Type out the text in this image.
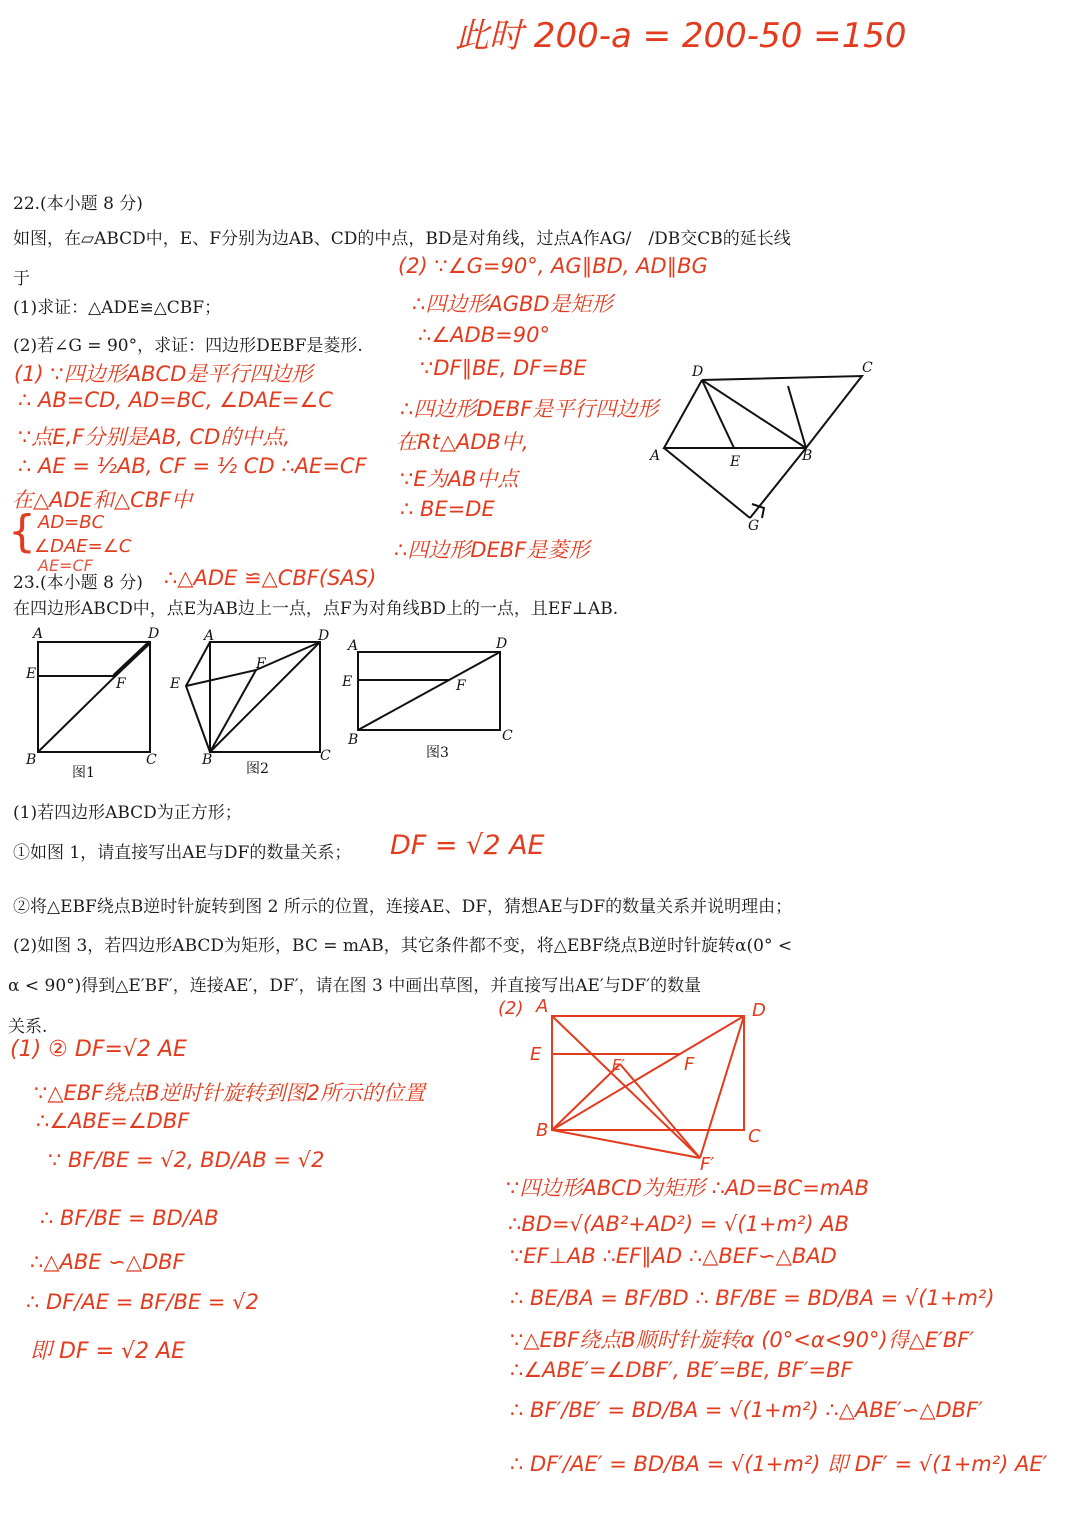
此时 200-a = 200-50 =150
22.(本小题 8 分)
如图，在▱ABCD中，E、F分别为边AB、CD的中点，BD是对角线，过点A作AG/　/DB交CB的延长线
于
(1)求证：△ADE≌△CBF；
(2)若∠G = 90°，求证：四边形DEBF是菱形.
(1) ∵四边形ABCD是平行四边形
∴ AB=CD, AD=BC, ∠DAE=∠C
∵点E,F分别是AB, CD的中点,
∴ AE = ½AB, CF = ½ CD ∴AE=CF
在△ADE和△CBF中
{ AD=BC
∠DAE=∠C
AE=CF
∴△ADE ≌△CBF(SAS)
(2) ∵∠G=90°, AG∥BD, AD∥BG
∴四边形AGBD是矩形
∴∠ADB=90°
∵DF∥BE, DF=BE
∴四边形DEBF是平行四边形
在Rt△ADB中,
∵E为AB中点
∴ BE=DE
∴四边形DEBF是菱形
D	C
A	E	B
G
23.(本小题 8 分)
在四边形ABCD中，点E为AB边上一点，点F为对角线BD上的一点，且EF⊥AB.
A	D
E
F
B	C
图1
A	D
E
F
B	C
图2
A	D
E	F
B	C
图3
(1)若四边形ABCD为正方形；
①如图 1，请直接写出AE与DF的数量关系； DF = √2 AE
②将△EBF绕点B逆时针旋转到图 2 所示的位置，连接AE、DF，猜想AE与DF的数量关系并说明理由；
(2)如图 3，若四边形ABCD为矩形，BC = mAB，其它条件都不变，将△EBF绕点B逆时针旋转α(0° <
α < 90°)得到△E′BF′，连接AE′，DF′，请在图 3 中画出草图，并直接写出AE′与DF′的数量
关系.
(1) ② DF=√2 AE
∵△EBF绕点B逆时针旋转到图2所示的位置
∴∠ABE=∠DBF
∵ BF/BE = √2, BD/AB = √2
∴ BF/BE = BD/AB
∴△ABE ∽△DBF
∴ DF/AE = BF/BE = √2
即 DF = √2 AE
(2) A	D
E	E′	F
B	C
F′
∵四边形ABCD为矩形 ∴AD=BC=mAB
∴BD=√(AB²+AD²) = √(1+m²) AB
∵EF⊥AB ∴EF∥AD ∴△BEF∽△BAD
∴ BE/BA = BF/BD ∴ BF/BE = BD/BA = √(1+m²)
∵△EBF绕点B顺时针旋转α (0°<α<90°)得△E′BF′
∴∠ABE′=∠DBF′, BE′=BE, BF′=BF
∴ BF′/BE′ = BD/BA = √(1+m²) ∴△ABE′∽△DBF′
∴ DF′/AE′ = BD/BA = √(1+m²) 即 DF′ = √(1+m²) AE′
